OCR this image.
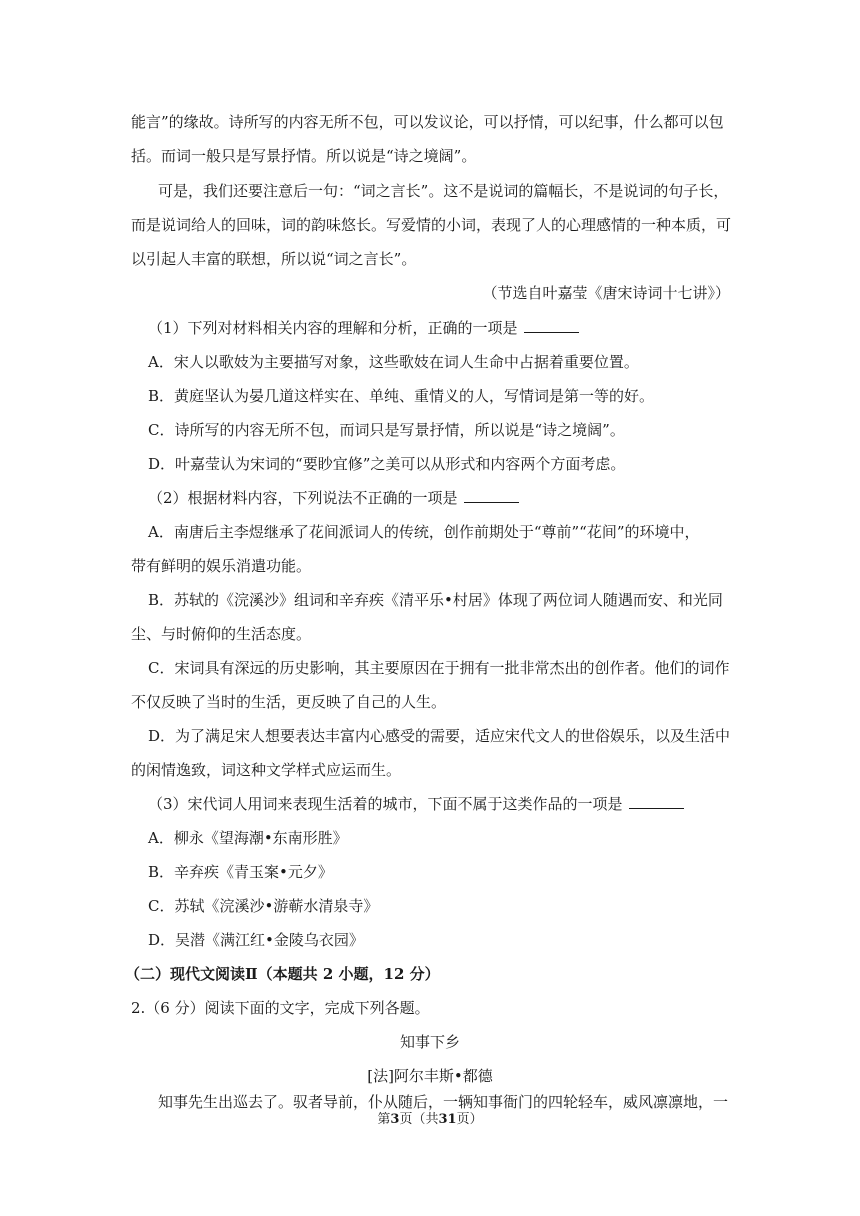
能言”的缘故。诗所写的内容无所不包，可以发议论，可以抒情，可以纪事，什么都可以包
括。而词一般只是写景抒情。所以说是“诗之境阔”。
可是，我们还要注意后一句：“词之言长”。这不是说词的篇幅长，不是说词的句子长，
而是说词给人的回味，词的韵味悠长。写爱情的小词，表现了人的心理感情的一种本质，可
以引起人丰富的联想，所以说“词之言长”。
（节选自叶嘉莹《唐宋诗词十七讲》）
（1）下列对材料相关内容的理解和分析，正确的一项是
A．宋人以歌妓为主要描写对象，这些歌妓在词人生命中占据着重要位置。
B．黄庭坚认为晏几道这样实在、单纯、重情义的人，写情词是第一等的好。
C．诗所写的内容无所不包，而词只是写景抒情，所以说是“诗之境阔”。
D．叶嘉莹认为宋词的“要眇宜修”之美可以从形式和内容两个方面考虑。
（2）根据材料内容，下列说法不正确的一项是
A．南唐后主李煜继承了花间派词人的传统，创作前期处于“尊前”“花间”的环境中，
带有鲜明的娱乐消遣功能。
B．苏轼的《浣溪沙》组词和辛弃疾《清平乐•村居》体现了两位词人随遇而安、和光同
尘、与时俯仰的生活态度。
C．宋词具有深远的历史影响，其主要原因在于拥有一批非常杰出的创作者。他们的词作
不仅反映了当时的生活，更反映了自己的人生。
D．为了满足宋人想要表达丰富内心感受的需要，适应宋代文人的世俗娱乐，以及生活中
的闲情逸致，词这种文学样式应运而生。
（3）宋代词人用词来表现生活着的城市，下面不属于这类作品的一项是
A．柳永《望海潮•东南形胜》
B．辛弃疾《青玉案•元夕》
C．苏轼《浣溪沙•游蕲水清泉寺》
D．吴潜《满江红•金陵乌衣园》
（二）现代文阅读Ⅱ（本题共 2 小题，12 分）
2.（6 分）阅读下面的文字，完成下列各题。
知事下乡
[法]阿尔丰斯•都德
知事先生出巡去了。驭者导前，仆从随后，一辆知事衙门的四轮轻车，威风凛凛地，一
第3页（共31页）
